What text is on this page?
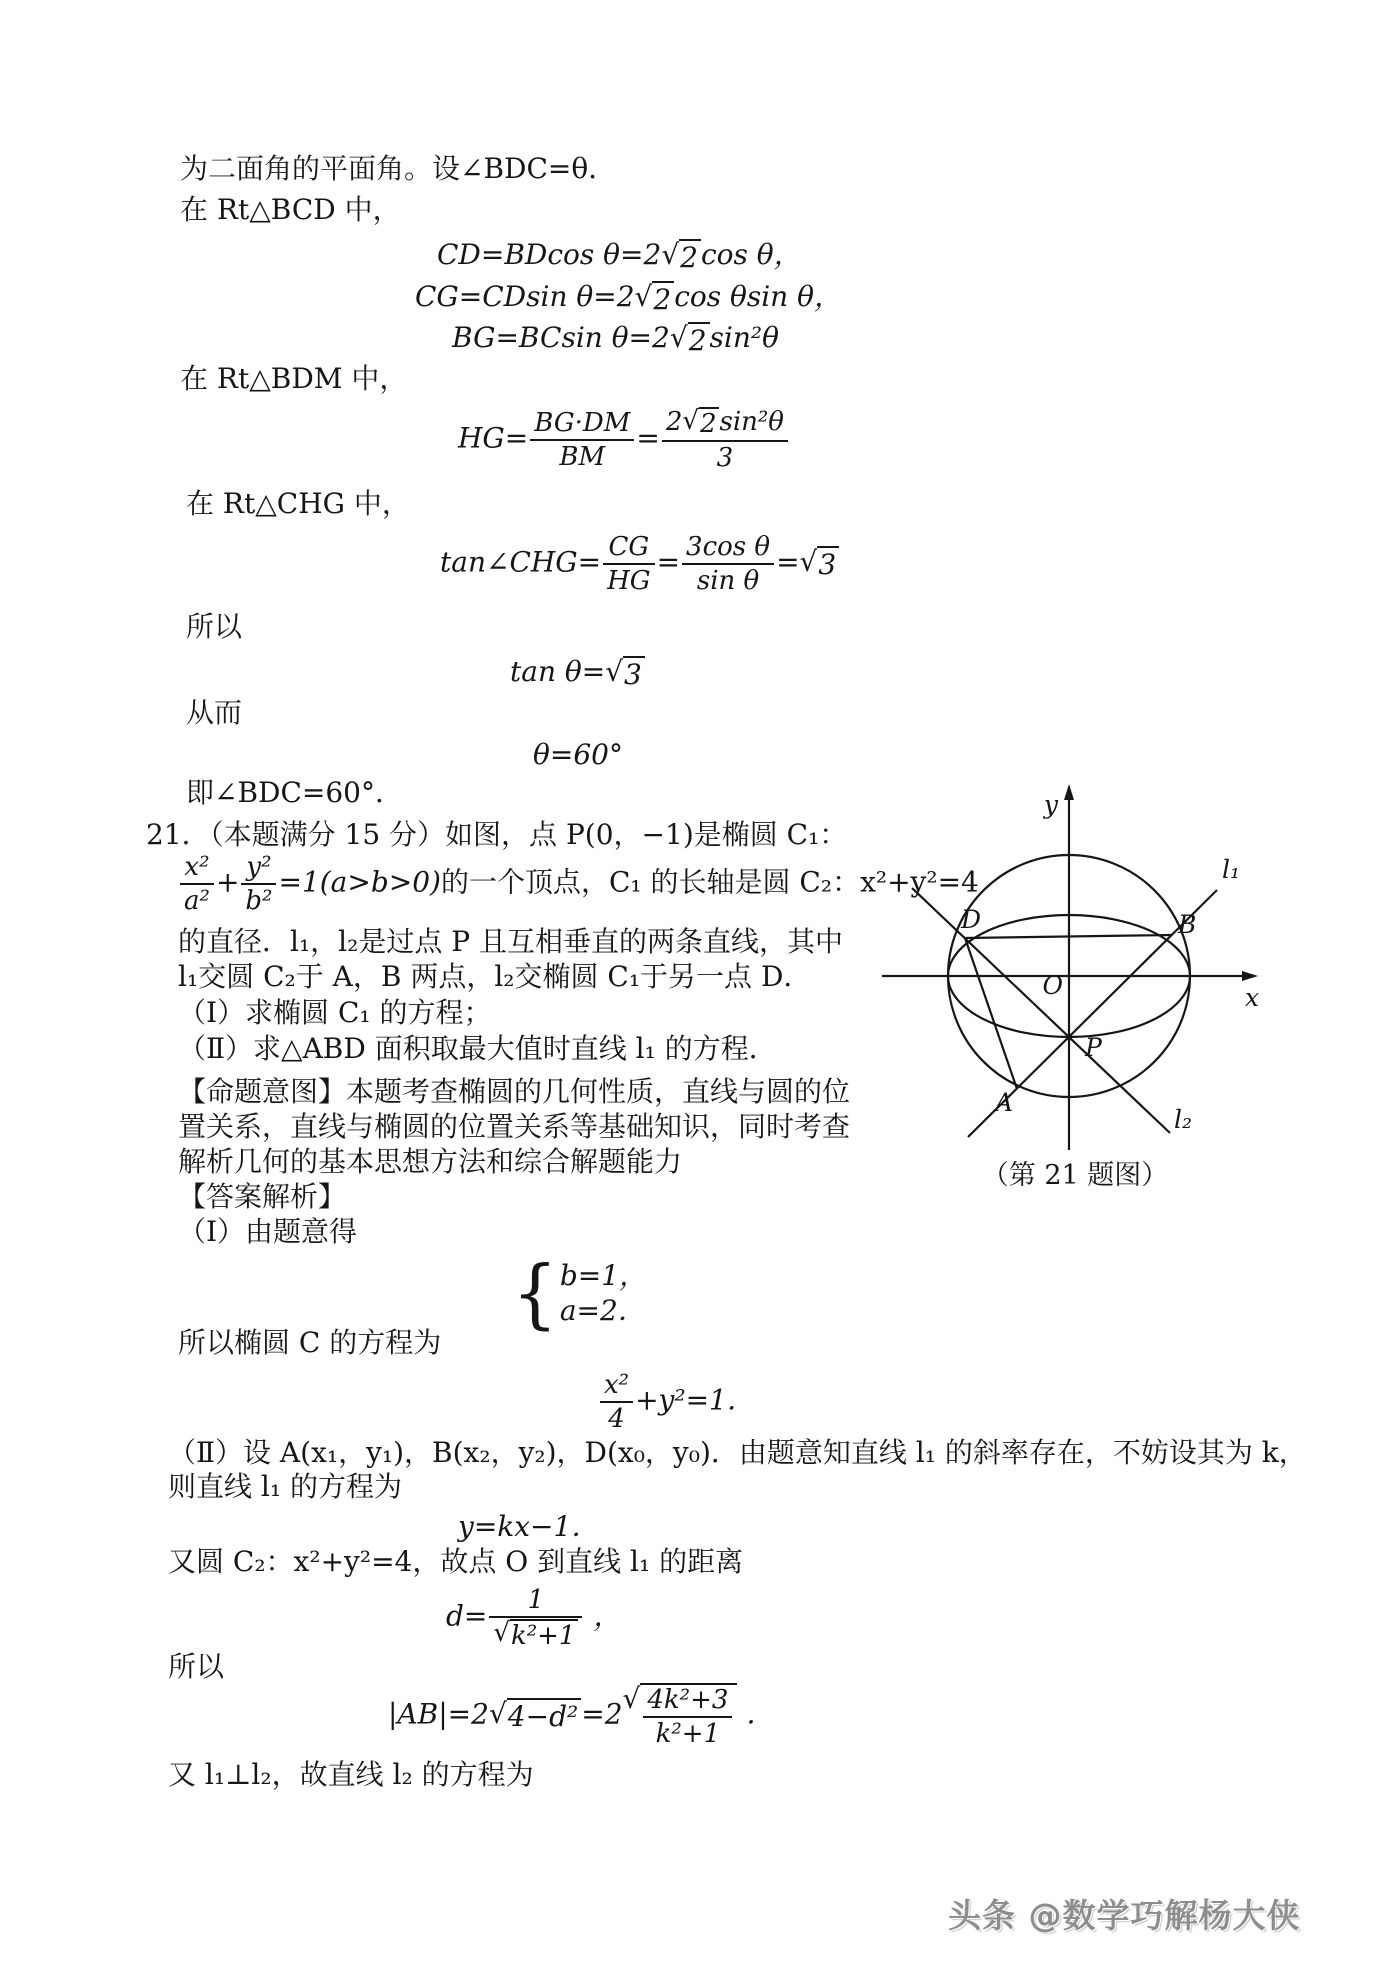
为二面角的平面角。设∠BDC=θ．
在 Rt△BCD 中，
CD=BDcos θ=2√2 cos θ，
CG=CDsin θ=2√2 cos θsin θ，
BG=BCsin θ=2√2 sin²θ
在 Rt△BDM 中，
$HG= \frac{BG\cdot DM}{BM} = \frac{\text{2√2 sin²θ}}{3}$
在 Rt△CHG 中，
tan∠CHG= $\frac{CG}{HG} = \frac{\text{3cos θ}}{\text{sin θ}} =√3$
所以
tan θ=√3
从而
θ=60°
即∠BDC=60°．
21．（本题满分 15 分）如图，点 P(0，−1)是椭圆 C₁：
$\frac{\text{x²}}{\text{a²}} + \frac{\text{y²}}{\text{b²}} =1(a>b>0)$的一个顶点，C₁ 的长轴是圆 C₂：x²+y²=4
的直径．l₁，l₂是过点 P 且互相垂直的两条直线，其中
l₁交圆 C₂于 A，B 两点，l₂交椭圆 C₁于另一点 D．
（Ⅰ）求椭圆 C₁ 的方程；
（Ⅱ）求△ABD 面积取最大值时直线 l₁ 的方程．
【命题意图】本题考查椭圆的几何性质，直线与圆的位
置关系，直线与椭圆的位置关系等基础知识，同时考查
解析几何的基本思想方法和综合解题能力
【答案解析】
（Ⅰ）由题意得
{ b=1，
a=2．
所以椭圆 C 的方程为
$\frac{\text{x²}}{4} +y^2=1$．
（Ⅱ）设 A(x₁，y₁)，B(x₂，y₂)，D(x₀，y₀)．由题意知直线 l₁ 的斜率存在，不妨设其为 k，
则直线 l₁ 的方程为
y=kx−1．
又圆 C₂：x²+y²=4，故点 O 到直线 l₁ 的距离
$d= \frac{1}{\text{√k²+1}}$ ，
所以
$|AB|=2√4-d^2 =2√ \frac{\text{4k²+3}}{\text{k²+1}}$ ．
又 l₁⊥l₂，故直线 l₂ 的方程为
y
x
O
P
D	B
A
l₁
l₂
（第 21 题图）
头条 @数学巧解杨大侠
